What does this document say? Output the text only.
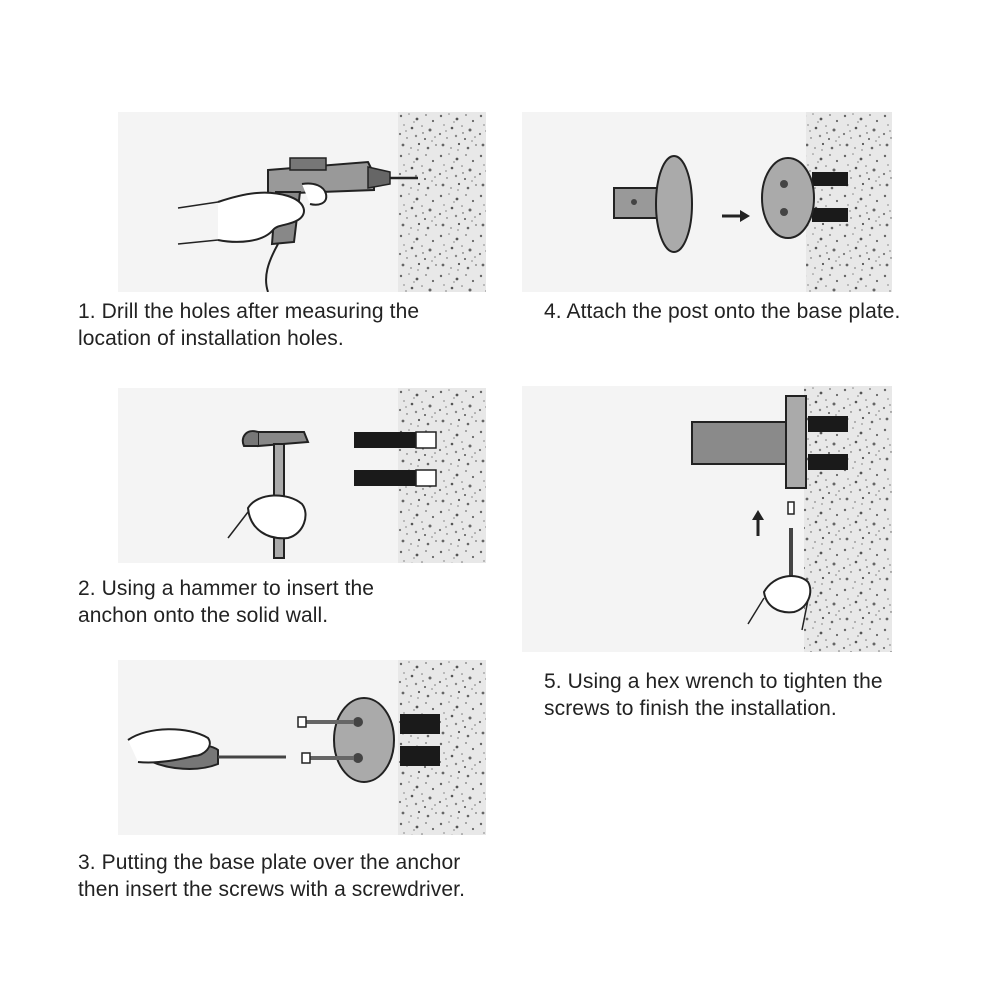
1. Drill the holes after measuring the
location of installation holes.
2. Using a hammer to insert the
anchon onto the solid wall.
3. Putting the base plate over the anchor
then insert the screws with a screwdriver.
4. Attach the post onto the base plate.
5. Using a hex wrench to tighten the
screws to finish the installation.
